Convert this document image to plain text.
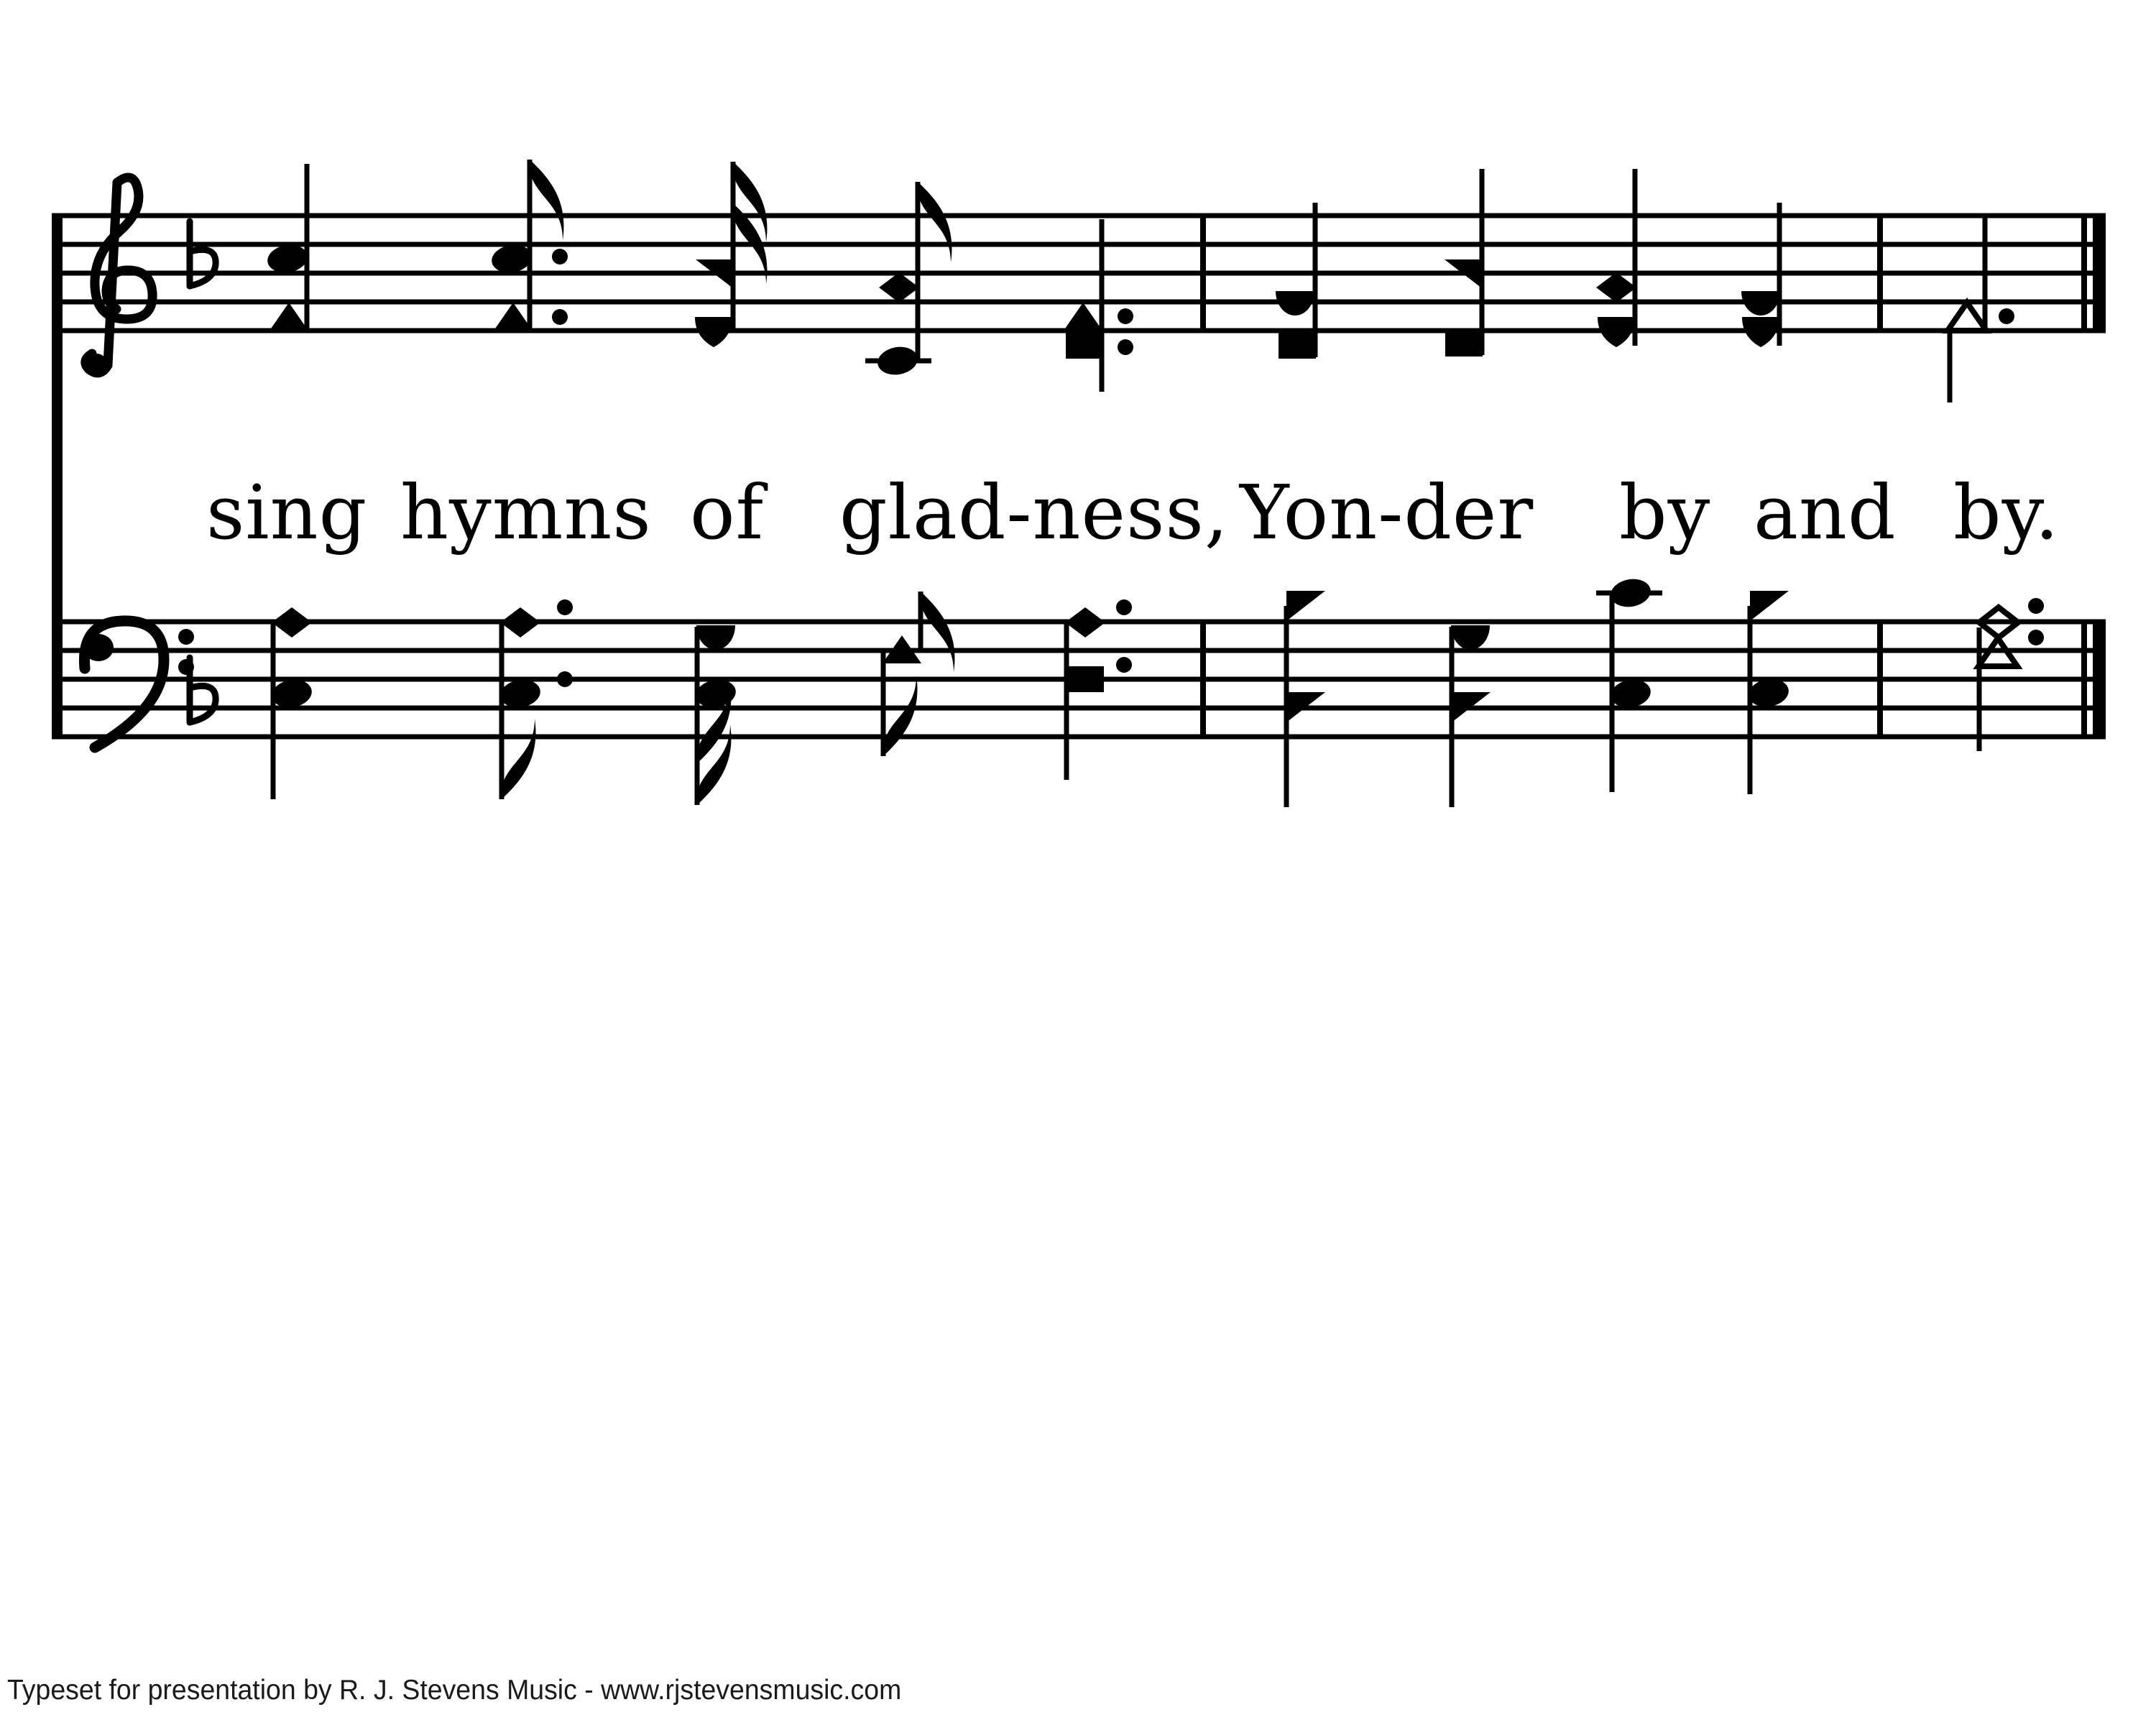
sing hymns of glad-ness, Yon-der by and by.
Typeset for presentation by R. J. Stevens Music - www.rjstevensmusic.com
